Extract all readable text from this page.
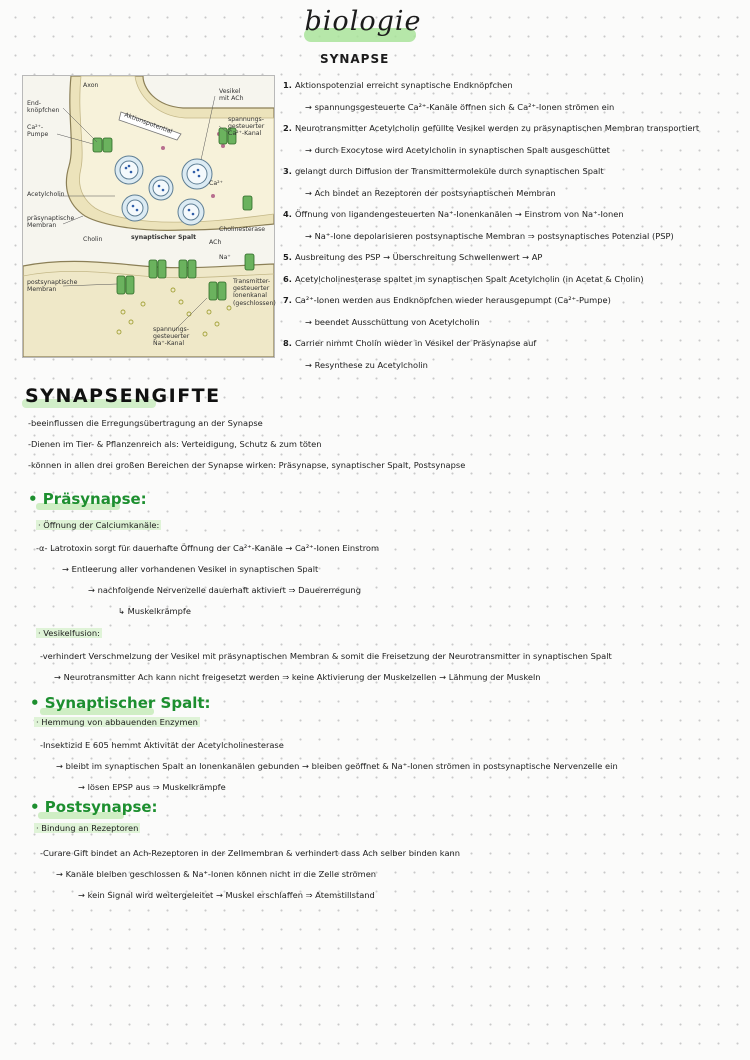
biologie
SYNAPSE
Axon
End-
knöpfchen
Ca²⁺-
Pumpe
Acetylcholin
präsynaptische
Membran
Cholin
postsynaptische
Membran
Vesikel
mit ACh
spannungs-
gesteuerter
Ca²⁺-Kanal
Aktionspotential
synaptischer Spalt
ACh
Ca²⁺
Na⁺
Cholinesterase
Transmitter-
gesteuerter
Ionenkanal
(geschlossen)
spannungs-
gesteuerter
Na⁺-Kanal
1. Aktionspotenzial erreicht synaptische Endknöpfchen
→ spannungsgesteuerte Ca²⁺-Kanäle öffnen sich & Ca²⁺-Ionen strömen ein
2. Neurotransmitter Acetylcholin gefüllte Vesikel werden zu präsynaptischen Membran transportiert
→ durch Exocytose wird Acetylcholin in synaptischen Spalt ausgeschüttet
3. gelangt durch Diffusion der Transmittermoleküle durch synaptischen Spalt
→ Ach bindet an Rezeptoren der postsynaptischen Membran
4. Öffnung von ligandengesteuerten Na⁺-Ionenkanälen → Einstrom von Na⁺-Ionen
→ Na⁺-Ione depolarisieren postsynaptische Membran ⇒ postsynaptisches Potenzial (PSP)
5. Ausbreitung des PSP → Überschreitung Schwellenwert → AP
6. Acetylcholinesterase spaltet im synaptischen Spalt Acetylcholin (in Acetat & Cholin)
7. Ca²⁺-Ionen werden aus Endknöpfchen wieder herausgepumpt (Ca²⁺-Pumpe)
→ beendet Ausschüttung von Acetylcholin
8. Carrier nimmt Cholin wieder in Vesikel der Präsynapse auf
→ Resynthese zu Acetylcholin
SYNAPSENGIFTE
-beeinflussen die Erregungsübertragung an der Synapse
-Dienen im Tier- & Pflanzenreich als: Verteidigung, Schutz & zum töten
-können in allen drei großen Bereichen der Synapse wirken: Präsynapse, synaptischer Spalt, Postsynapse
• Präsynapse:
· Öffnung der Calciumkanäle:
-α- Latrotoxin sorgt für dauerhafte Öffnung der Ca²⁺-Kanäle → Ca²⁺-Ionen Einstrom
→ Entleerung aller vorhandenen Vesikel in synaptischen Spalt
→ nachfolgende Nervenzelle dauerhaft aktiviert ⇒ Dauererregung
↳ Muskelkrämpfe
· Vesikelfusion:
-verhindert Verschmelzung der Vesikel mit präsynaptischen Membran & somit die Freisetzung der Neurotransmitter in synaptischen Spalt
→ Neurotransmitter Ach kann nicht freigesetzt werden ⇒ keine Aktivierung der Muskelzellen → Lähmung der Muskeln
• Synaptischer Spalt:
· Hemmung von abbauenden Enzymen
-Insektizid E 605 hemmt Aktivität der Acetylcholinesterase
→ bleibt im synaptischen Spalt an Ionenkanälen gebunden → bleiben geöffnet & Na⁺-Ionen strömen in postsynaptische Nervenzelle ein
→ lösen EPSP aus ⇒ Muskelkrämpfe
• Postsynapse:
· Bindung an Rezeptoren
-Curare Gift bindet an Ach-Rezeptoren in der Zellmembran & verhindert dass Ach selber binden kann
→ Kanäle bleiben geschlossen & Na⁺-Ionen können nicht in die Zelle strömen
→ kein Signal wird weitergeleitet → Muskel erschlaffen ⇒ Atemstillstand
